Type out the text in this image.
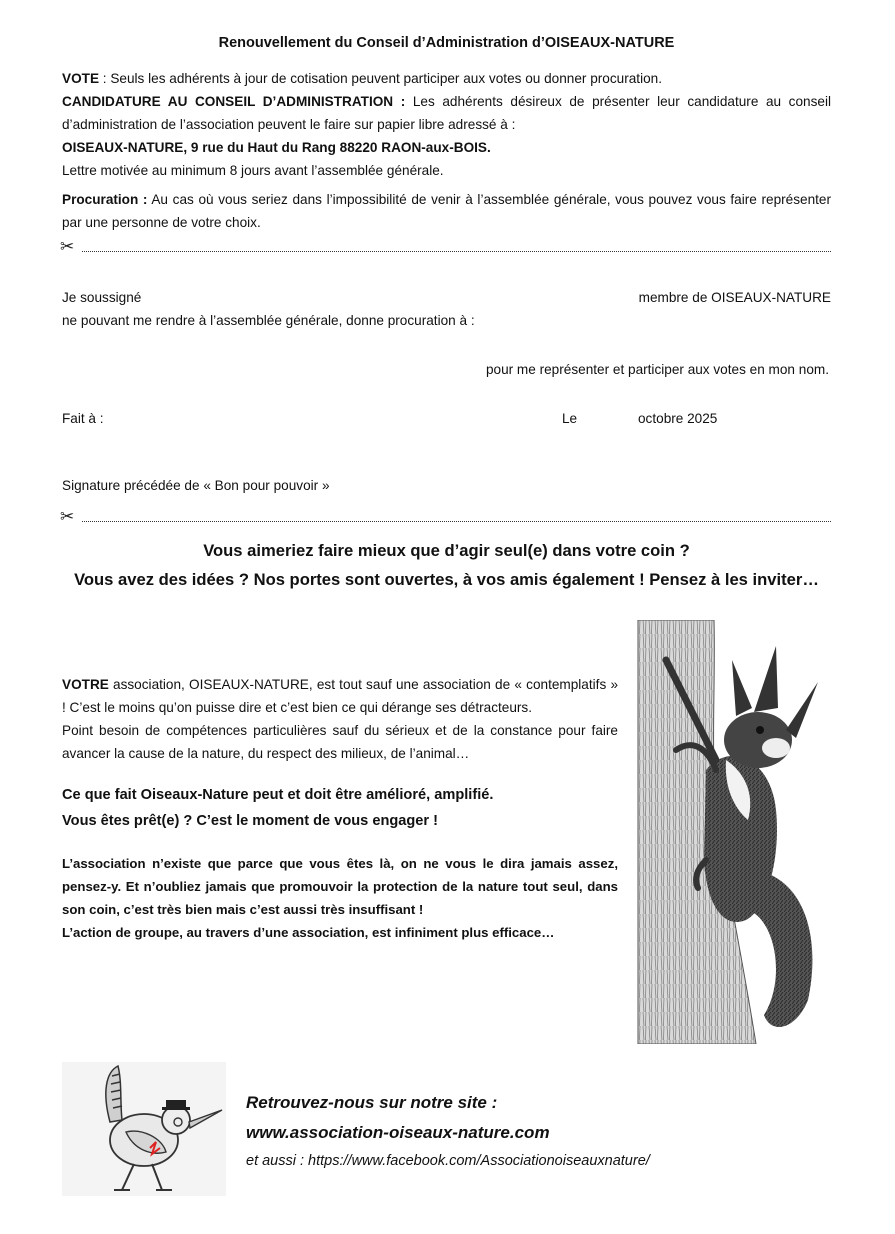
Renouvellement du Conseil d’Administration d’OISEAUX-NATURE

VOTE : Seuls les adhérents à jour de cotisation peuvent participer aux votes ou donner procuration.

CANDIDATURE AU CONSEIL D’ADMINISTRATION : Les adhérents désireux de présenter leur candidature au conseil d’administration de l’association peuvent le faire sur papier libre adressé à :

OISEAUX-NATURE, 9 rue du Haut du Rang 88220 RAON-aux-BOIS.

Lettre motivée au minimum 8 jours avant l’assemblée générale.

Procuration : Au cas où vous seriez dans l’impossibilité de venir à l’assemblée générale, vous pouvez vous faire représenter par une personne de votre choix.

✂
Je soussigné	membre de OISEAUX-NATURE
ne pouvant me rendre à l’assemblée générale, donne procuration à :
pour me représenter et participer aux votes en mon nom.
Fait à :	Le	octobre 2025
Signature précédée de « Bon pour pouvoir »
✂
Vous aimeriez faire mieux que d’agir seul(e) dans votre coin ?
Vous avez des idées ? Nos portes sont ouvertes, à vos amis également ! Pensez à les inviter…

VOTRE association, OISEAUX-NATURE, est tout sauf une association de « contemplatifs » ! C’est le moins qu’on puisse dire et c’est bien ce qui dérange ses détracteurs.

Point besoin de compétences particulières sauf du sérieux et de la constance pour faire avancer la cause de la nature, du respect des milieux, de l’animal…

Ce que fait Oiseaux-Nature peut et doit être amélioré, amplifié.

Vous êtes prêt(e) ? C’est le moment de vous engager !

L’association n’existe que parce que vous êtes là, on ne vous le dira jamais assez, pensez-y. Et n’oubliez jamais que promouvoir la protection de la nature tout seul, dans son coin, c’est très bien mais c’est aussi très insuffisant !

L’action de groupe, au travers d’une association, est infiniment plus efficace…

Retrouvez-nous sur notre site :
www.association-oiseaux-nature.com
et aussi : https://www.facebook.com/Associationoiseauxnature/
